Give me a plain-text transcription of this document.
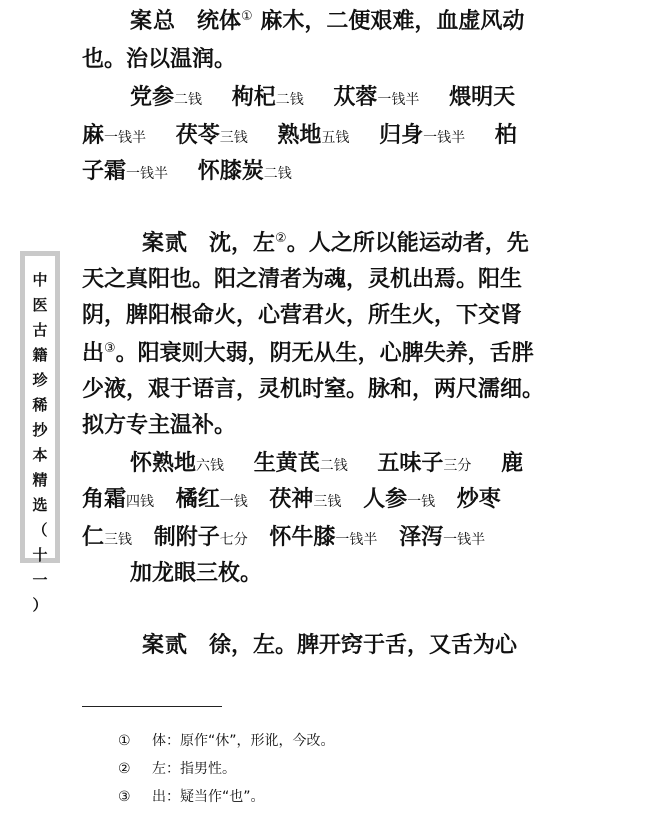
中
医
古
籍
珍
稀
抄
本
精
选
（
十
一
）
案总 统体① 麻木，二便艰难，血虚风动
也。治以温润。
党参二钱 枸杞二钱 苁蓉一钱半 煨明天
麻一钱半 茯苓三钱 熟地五钱 归身一钱半 柏
子霜一钱半 怀膝炭二钱
案贰 沈，左②。人之所以能运动者，先
天之真阳也。阳之清者为魂，灵机出焉。阳生
阴，脾阳根命火，心营君火，所生火，下交肾
出③。阳衰则大弱，阴无从生，心脾失养，舌胖
少液，艰于语言，灵机时窒。脉和，两尺濡细。
拟方专主温补。
怀熟地六钱 生黄芪二钱 五味子三分 鹿
角霜四钱 橘红一钱 茯神三钱 人参一钱 炒枣
仁三钱 制附子七分 怀牛膝一钱半 泽泻一钱半
加龙眼三枚。
案贰 徐，左。脾开窍于舌，又舌为心
① 体：原作“休”，形讹，今改。
② 左：指男性。
③ 出：疑当作“也”。
